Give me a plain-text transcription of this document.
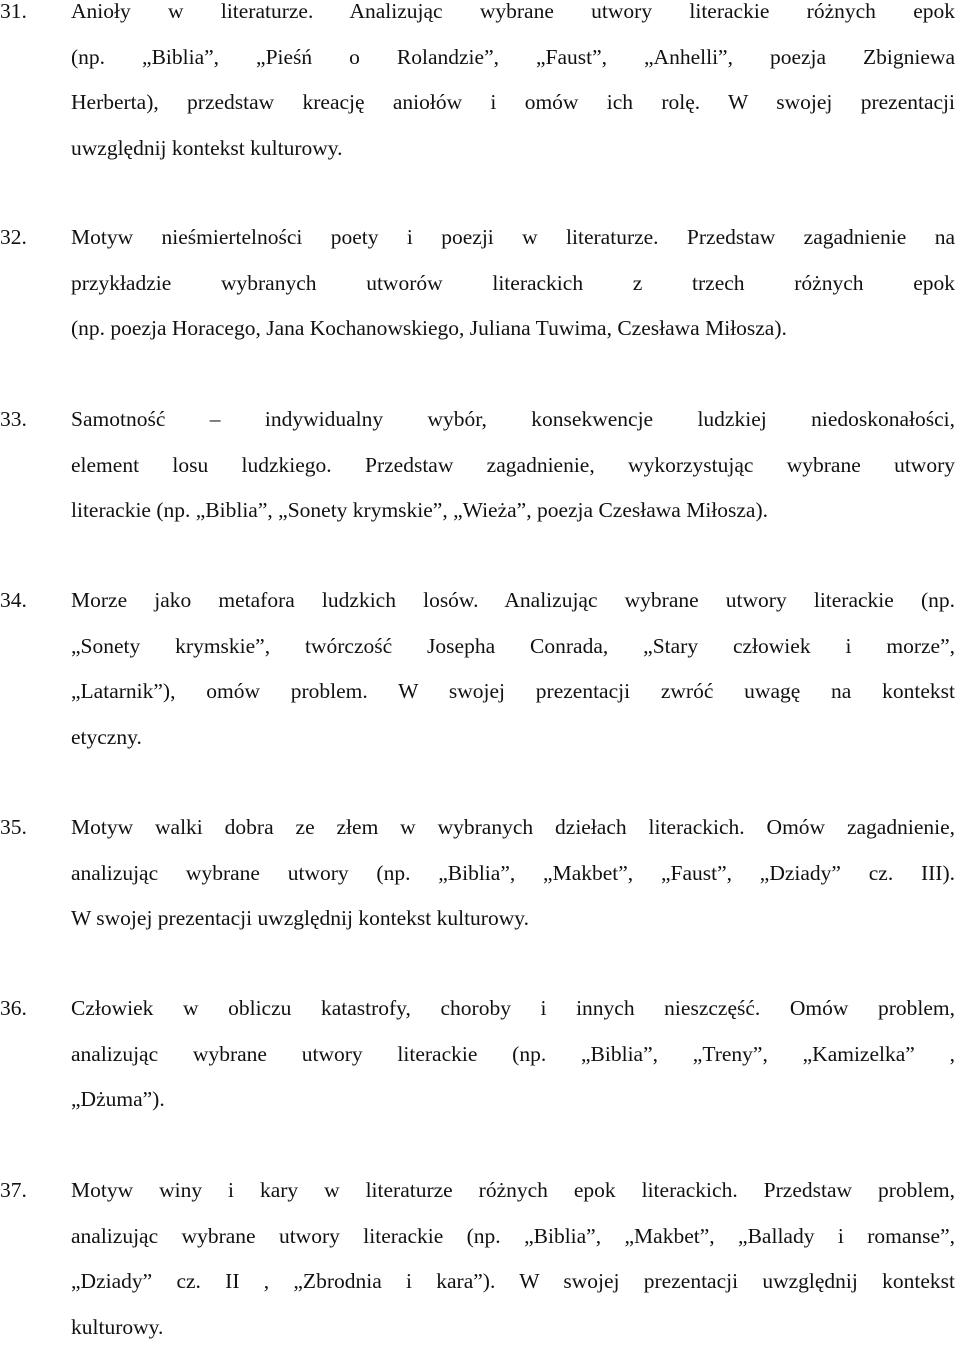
31.	Anioły w literaturze. Analizując wybrane utwory literackie różnych epok
(np. „Biblia”, „Pieśń o Rolandzie”, „Faust”, „Anhelli”, poezja Zbigniewa
Herberta), przedstaw kreację aniołów i omów ich rolę. W swojej prezentacji
uwzględnij kontekst kulturowy.
32.	Motyw nieśmiertelności poety i poezji w literaturze. Przedstaw zagadnienie na
przykładzie wybranych utworów literackich z trzech różnych epok
(np. poezja Horacego, Jana Kochanowskiego, Juliana Tuwima, Czesława Miłosza).
33.	Samotność – indywidualny wybór, konsekwencje ludzkiej niedoskonałości,
element losu ludzkiego. Przedstaw zagadnienie, wykorzystując wybrane utwory
literackie (np. „Biblia”, „Sonety krymskie”, „Wieża”, poezja Czesława Miłosza).
34.	Morze jako metafora ludzkich losów. Analizując wybrane utwory literackie (np.
„Sonety krymskie”, twórczość Josepha Conrada, „Stary człowiek i morze”,
„Latarnik”), omów problem. W swojej prezentacji zwróć uwagę na kontekst
etyczny.
35.	Motyw walki dobra ze złem w wybranych dziełach literackich. Omów zagadnienie,
analizując wybrane utwory (np. „Biblia”, „Makbet”, „Faust”, „Dziady” cz. III).
W swojej prezentacji uwzględnij kontekst kulturowy.
36.	Człowiek w obliczu katastrofy, choroby i innych nieszczęść. Omów problem,
analizując wybrane utwory literackie (np. „Biblia”, „Treny”, „Kamizelka” ,
„Dżuma”).
37.	Motyw winy i kary w literaturze różnych epok literackich. Przedstaw problem,
analizując wybrane utwory literackie (np. „Biblia”, „Makbet”, „Ballady i romanse”,
„Dziady” cz. II , „Zbrodnia i kara”). W swojej prezentacji uwzględnij kontekst
kulturowy.
